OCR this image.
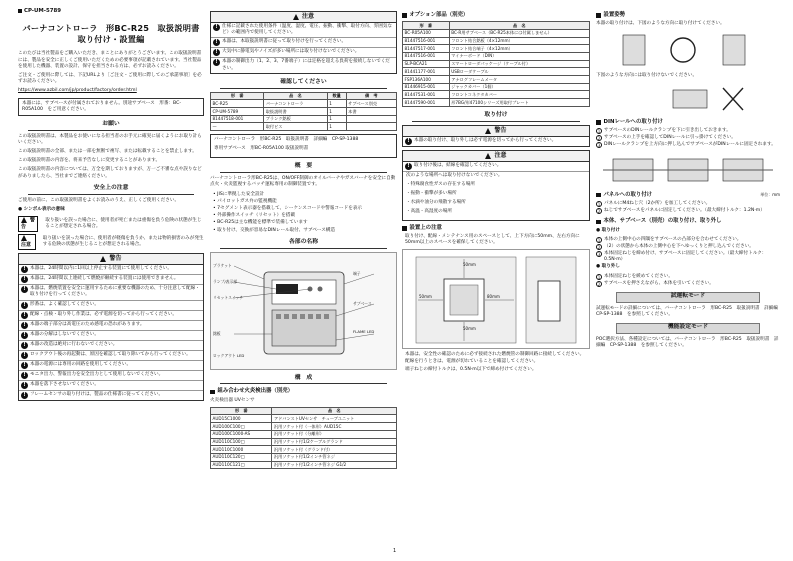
CP-UM-5789
バーナコントローラ　形BC-R25　取扱説明書　取り付け・設置編

このたびは当社製品をご購入いただき、まことにありがとうございます。この取扱説明書には、製品を安全に正しくご使用いただくための必要事項が記載されています。当社製品を使用した機器、装置の設計、保守を担当される方は、必ずお読みください。

ご注文・ご使用に際しては、下記URLより［ご注文・ご使用に際してのご承諾事項］を必ずお読みください。

https://www.azbil.com/jp/product/factory/order.html

本器には、サブベースが付属されておりません。別途サブベース　形番：BC-R05A100　をご用意ください。
お願い

この取扱説明書は、本製品をお使いになる担当者のお手元に確実に届くようにお取り計らいください。

この取扱説明書の全部、または一部を無断で複写、または転載することを禁止します。

この取扱説明書の内容を、将来予告なしに変更することがあります。

この取扱説明書の内容については、万全を期しておりますが、万一ご不審な点や誤りなどがありましたら、当社までご連絡ください。

安全上の注意

ご使用の前に、この取扱説明書をよくお読みのうえ、正しくご使用ください。

● シンボル表示の意味

警告
取り扱いを誤った場合に、使用者が死亡または重傷を負う危険の状態が生じることが想定される場合。
注意
取り扱いを誤った場合に、使用者が軽傷を負うか、または物的損害のみが発生する危険の状態が生じることが想定される場合。
警告
! 本器は、24時間以内に1回以上停止する装置にて使用してください。
! 本器は、24時間以上連続して燃焼が継続する装置には使用できません。
! 本器は、燃焼装置を安全に運用するために重要な機器のため、十分注意して配線・取り付けを行ってください。
! 形番は、よく確認してください。
! 配線・点検・取り外し作業は、必ず電源を切ってから行ってください。
! 本器の端子部分は高電圧のため感電の恐れがあります。
! 本器の分解はしないでください。
! 本器の改造は絶対に行わないでください。
! ロックアウト後の再起動は、原因を確認して取り除いてから行ってください。
! 本器の電源には専用の回路を使用してください。
! モニタ出力、警報出力を安全出力として使用しないでください。
! 本器を落下させないでください。
! フレームセンサの取り付けは、製品の仕様書に従ってください。
注意
! 仕様に記載された使用条件（温度、湿度、電圧、振動、衝撃、取付方向、雰囲気など）の範囲内で使用してください。
! 本器は、本取扱説明書に従って取り付けを行ってください。
! 大気中に静電気やノイズが多い場所には取り付けないでください。
! 本器の制御出力（1、2、3、7番端子）には定格を超える負荷を接続しないでください。
確認してください
形　番	品　名	数量	備　考
BC-R25	バーナコントローラ	1	サブベース別売
CP-UM-5789	取扱説明書	1	本書
81447518-001	ブランク銘板	1	
—	取付ビス	1	

バーナコントローラ　形BC-R25　取扱説明書　詳細編　CP-SP-1388

専用サブベース　形BC-R05A100 取扱説明書

概　要

バーナコントローラ形BC-R25は、ON/OFF制御のオイルバーナやガスバーナを安全に自動点火・火炎監視するバッチ運転専用の制御装置です。

• JISに準拠した安全設計

• パイロットガス弁の監視機能

• 7セグメント表示器を搭載して、シーケンスコードや警報コードを表示

• 外部操作スイッチ（リセット）を搭載

• BC-R25は主な機能を標準で装備しています

• 取り付け、交換が容易なDINレール取付、サブベース構造

各部の名称
ブラケット
ランプ/表示部
リセットスイッチ
銘板
端子
サブベース
FLAME LED
ロックアウト LED
構　成
組み合わせ火炎検出器（別売）

火炎検出器 UVセンサ

形　番	品　名
AUD15C1000	アドバンストUVセンサ　チューブユニット
AUD100C100□	汎用ソケット付（一体形）AUD15C
AUD100C1000-AS	汎用ソケット付（分離形）
AUD110C100□	汎用ソケット付1/2ケーブルグランド
AUD110C1000	汎用ソケット付（グランド付）
AUD110C120□	汎用ソケット付1/2インチ管ネジ
AUD110C121□	汎用ソケット付1/2インチ管ネジ G1/2
オプション部品（別売）
形　番	品　名
BC-R05A100	BC-R用サブベース（BC-R25本体には付属しません）
81447516-001	フロント結合銘板（4×12mm）
81447517-001	フロント結合端子（4×12mm）
81447516-001	マイナーボード（DIN）
SLP-BCA21	スマートローダパッケージ（ケーブル付）
81441177-001	USBローダケーブル
FSP136A100	アナログフレームメータ
81446915-001	ジャックカバー（1個）
81447531-001	フロントコネクタカバー
81447590-001	形7BG/形47100シリーズ用取付プレート
取り付け
警告
! 本器の取り付け、取り外しは必ず電源を切ってから行ってください。
注意
! 取り付け後は、結線を確認してください。

次のような場所へは取り付けないでください。

・特殊腐食性ガスの存在する場所

・振動・衝撃が多い場所

・水滴や油分の飛散する場所

・高温・高湿度の場所

設置上の注意

取り付け、配線・メンテナンス用のスペースとして、上下方向に50mm、左右方向に50mm以上のスペースを確保してください。

50mm
50mm
50mm	80mm

本器は、安全性の確認のために必ず接続された燃焼管の制御回路に接続してください。

配線を行うときは、電源が切れていることを確認してください。

端子ねじの締付トルクは、0.5N·m以下で締め付けてください。

設置姿勢

本器の取り付けは、下図のような方向に取り付けてください。

下図のような方向には取り付けないでください。

DINレールへの取り付け
1 サブベースのDINレールクランプを下に引き出しておきます。
2 サブベースの上手を確認してDINレールに引っ掛けてください。
3 DINレールクランプを上方向に押し込んでサブベースがDINレールに固定されます。
パネルへの取り付け	単位：mm
1 パネルにM4ねじ穴（2か所）を加工してください。
2 ねじでサブベースをパネルに固定してください。（最大締付トルク：1.2N·m）
本体、サブベース（別売）の取り付け、取り外し

● 取り付け

1 本体の上側中心の四隅をサブベースの凸部分を合わせてください。
2 （2）の状態から本体の上側中心を下へゆっくりと押し込んでください。
3 本体固定ねじを締め付け、サブベースに固定してください。（最大締付トルク：0.5N·m）

● 取り外し

1 本体固定ねじを緩めてください。
2 サブベースを押さえながら、本体を引いてください。
試運転モード

試運転モードの詳細については、バーナコントローラ　形BC-R25　取扱説明書　詳細編　CP-SP-1388　を参照してください。

機能設定モード

POC選択方法、各種設定については、バーナコントローラ　形BC-R25　取扱説明書　詳細編　CP-SP-1388　を参照してください。

1
